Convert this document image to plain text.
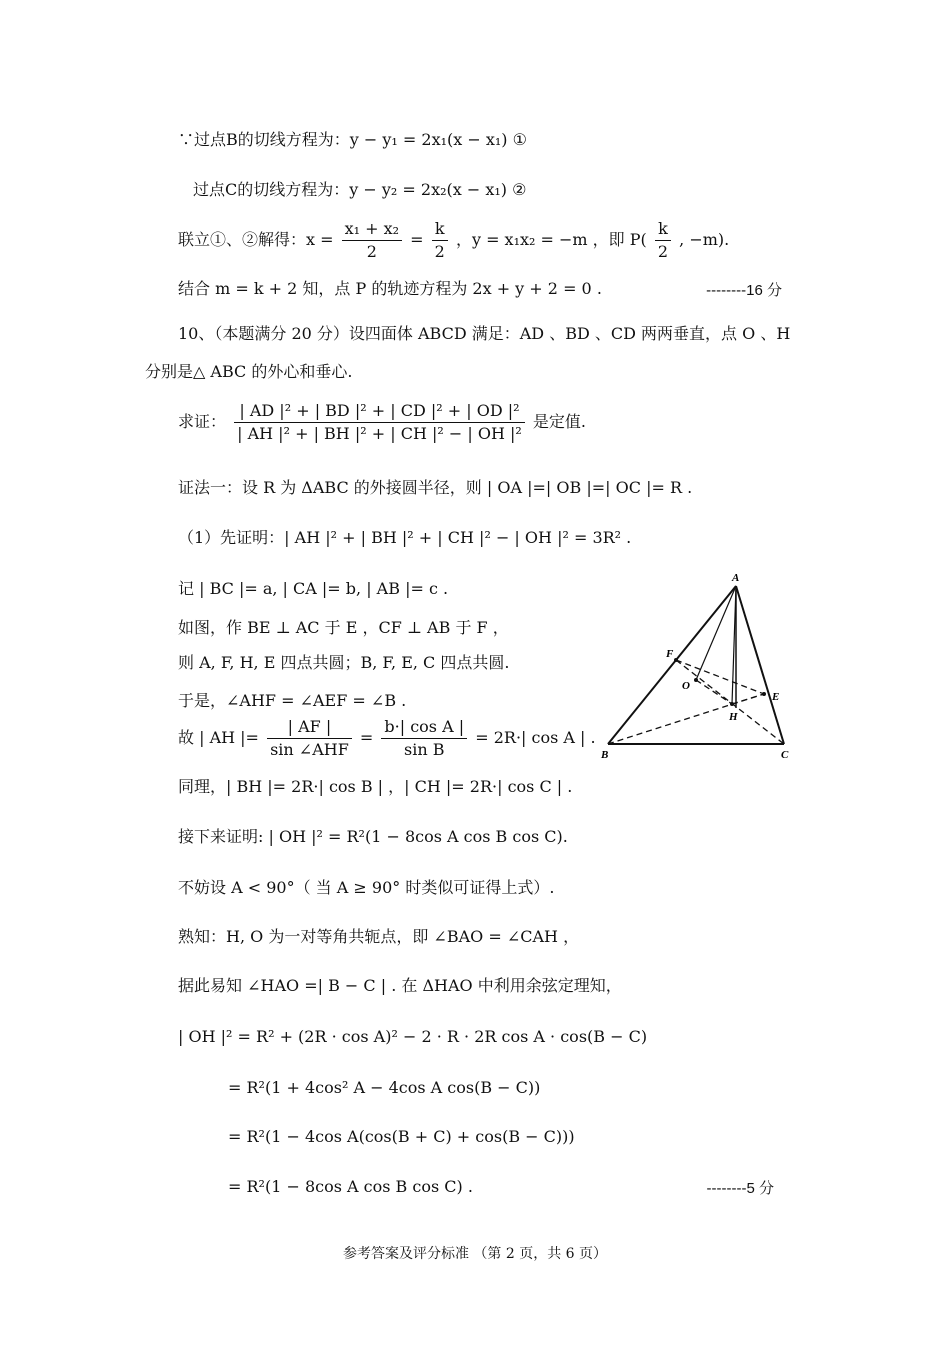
∵过点B的切线方程为：y − y₁ = 2x₁(x − x₁) ①
过点C的切线方程为：y − y₂ = 2x₂(x − x₁) ②
联立①、②解得：$x = \frac{\text{x₁ + x₂}}{2} = \frac{k}{2}$ ，y = x₁x₂ = −m ，即 $P( \frac{k}{2}$ , −m).
结合 m = k + 2 知，点 P 的轨迹方程为 2x + y + 2 = 0 .	--------16 分
10、（本题满分 20 分）设四面体 ABCD 满足：AD 、BD 、CD 两两垂直，点 O 、H
分别是△ ABC 的外心和垂心.
求证： $\frac{\text{| AD |² + | BD |² + | CD |² + | OD |²}}{\text{| AH |² + | BH |² + | CH |² − | OH |²}}$ 是定值.
证法一：设 R 为 ΔABC 的外接圆半径，则 | OA |=| OB |=| OC |= R .
（1）先证明：| AH |² + | BH |² + | CH |² − | OH |² = 3R² .
记 | BC |= a, | CA |= b, | AB |= c .
如图，作 BE ⊥ AC 于 E ，CF ⊥ AB 于 F ，
则 A, F, H, E 四点共圆；B, F, E, C 四点共圆.
于是，∠AHF = ∠AEF = ∠B .
故 | AH |= $\frac{| AF |}{\text{sin ∠AHF}} = \frac{\text{b·| cos A |}}{\text{sin B}} = 2R\cdot|$ cos A | .
同理，| BH |= 2R·| cos B | ，| CH |= 2R·| cos C | .
接下来证明: | OH |² = R²(1 − 8cos A cos B cos C).
不妨设 A < 90°（ 当 A ≥ 90° 时类似可证得上式）.
熟知：H, O 为一对等角共轭点，即 ∠BAO = ∠CAH ，
据此易知 ∠HAO =| B − C | . 在 ΔHAO 中利用余弦定理知，
| OH |² = R² + (2R · cos A)² − 2 · R · 2R cos A · cos(B − C)
= R²(1 + 4cos² A − 4cos A cos(B − C))
= R²(1 − 4cos A(cos(B + C) + cos(B − C)))
= R²(1 − 8cos A cos B cos C) .	--------5 分
A
B	C
E
F
H
O
参考答案及评分标准 （第 2 页，共 6 页）
